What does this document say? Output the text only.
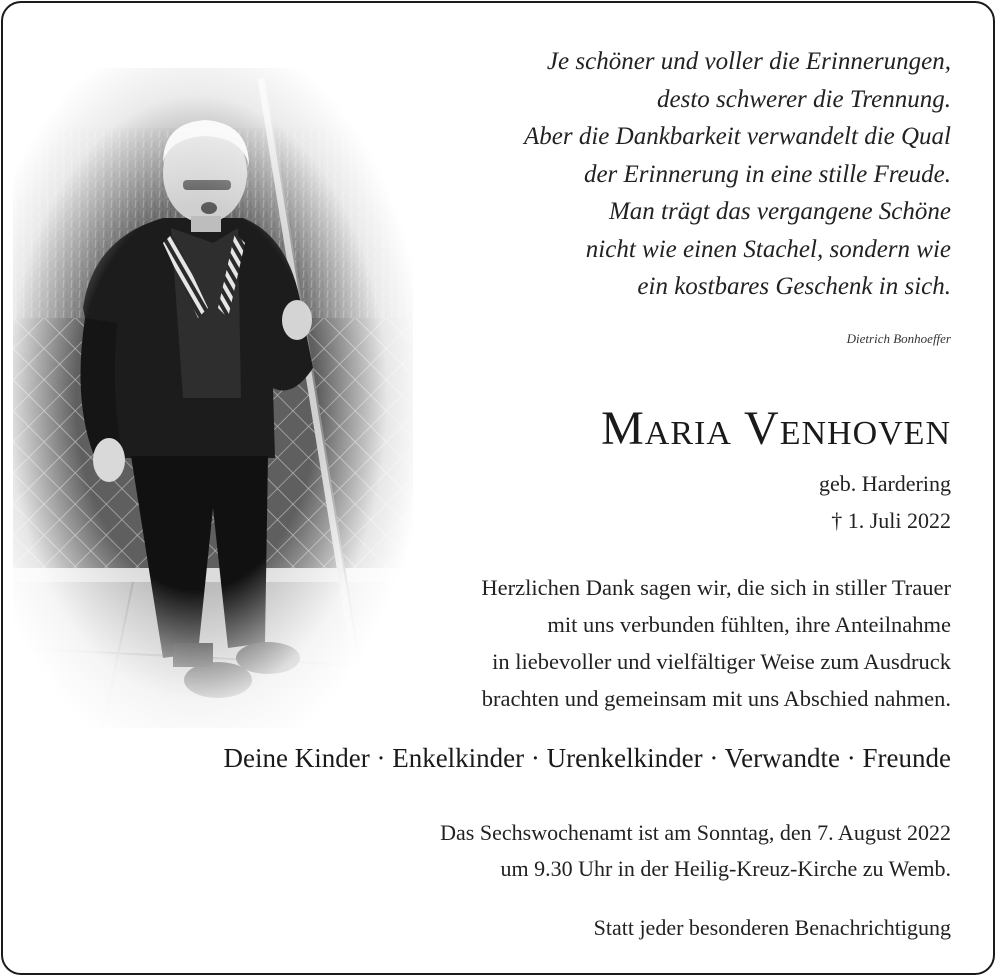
Je schöner und voller die Erinnerungen,
desto schwerer die Trennung.
Aber die Dankbarkeit verwandelt die Qual
der Erinnerung in eine stille Freude.
Man trägt das vergangene Schöne
nicht wie einen Stachel, sondern wie
ein kostbares Geschenk in sich.
Dietrich Bonhoeffer
Maria Venhoven
geb. Hardering
† 1. Juli 2022
Herzlichen Dank sagen wir, die sich in stiller Trauer
mit uns verbunden fühlten, ihre Anteilnahme
in liebevoller und vielfältiger Weise zum Ausdruck
brachten und gemeinsam mit uns Abschied nahmen.
Deine Kinder · Enkelkinder · Urenkelkinder · Verwandte · Freunde
Das Sechswochenamt ist am Sonntag, den 7. August 2022
um 9.30 Uhr in der Heilig-Kreuz-Kirche zu Wemb.
Statt jeder besonderen Benachrichtigung
